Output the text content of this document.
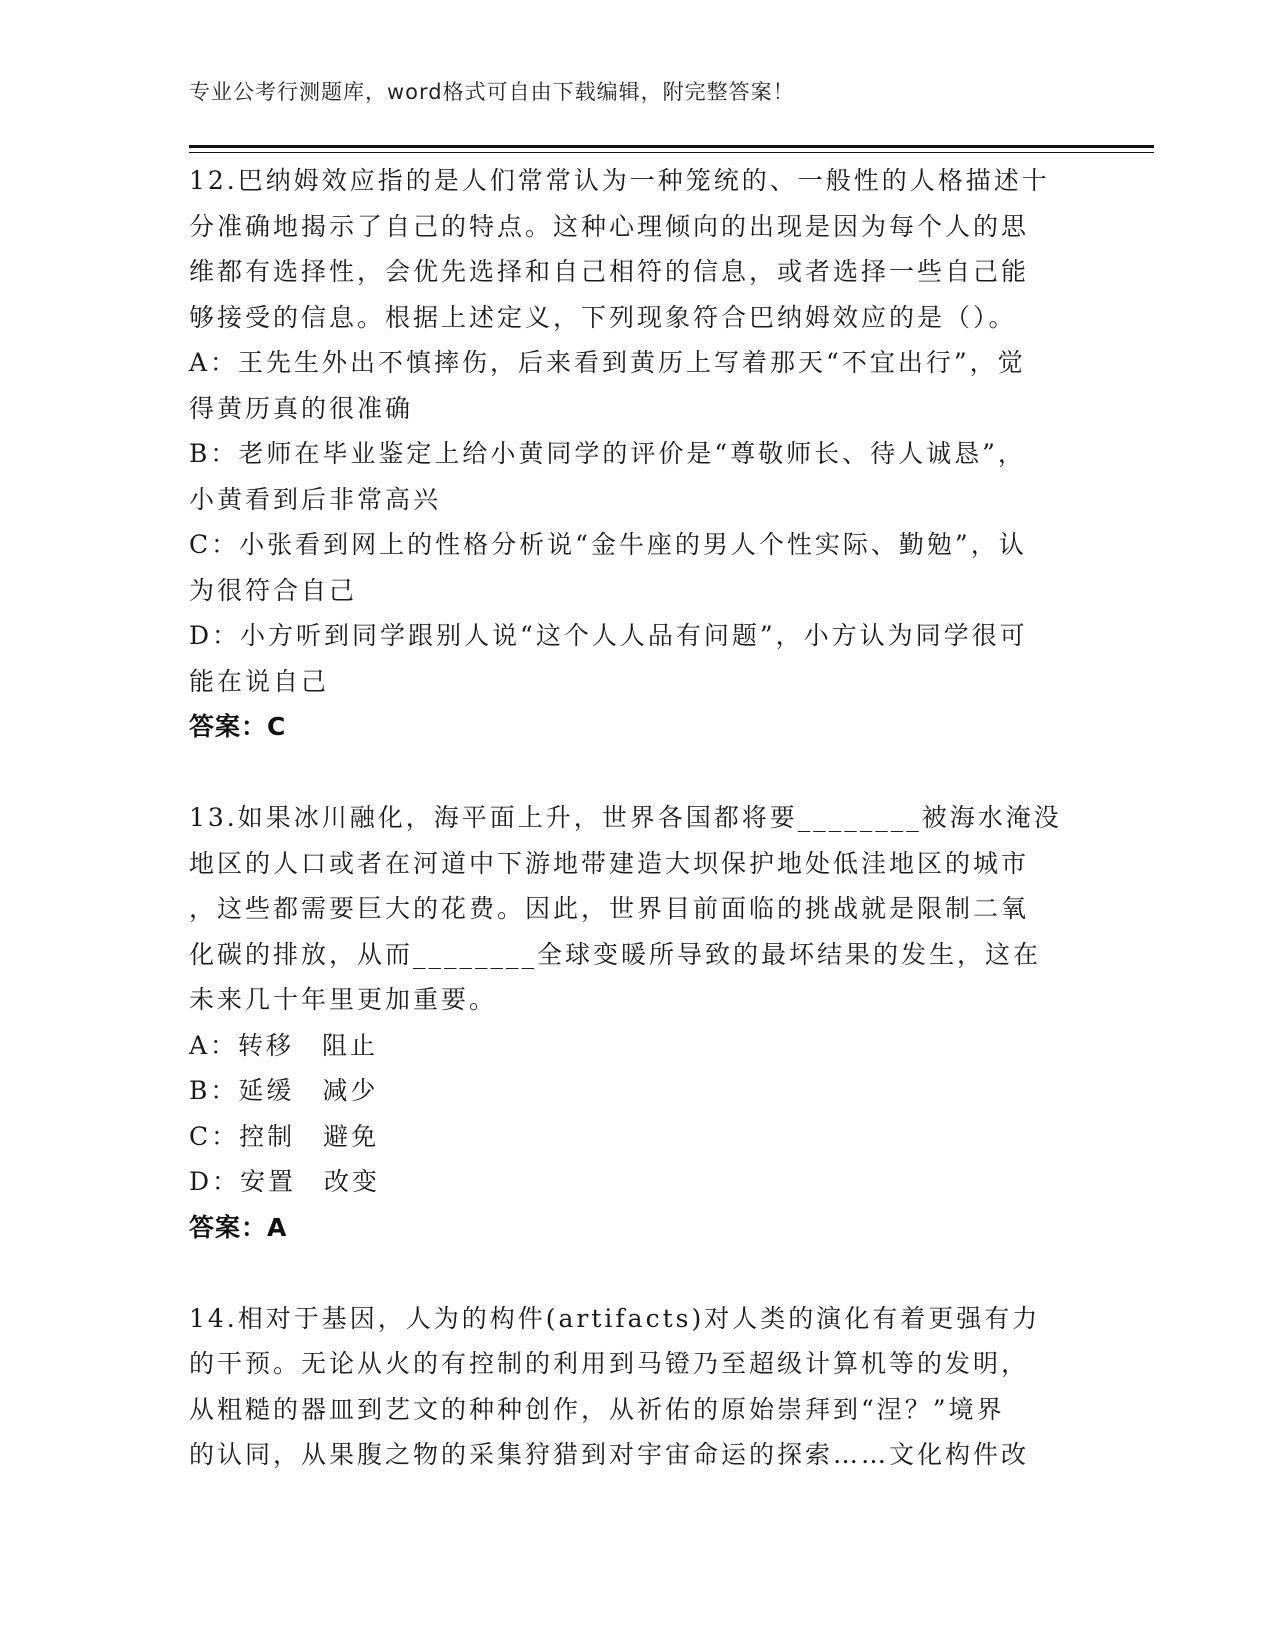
专业公考行测题库，word格式可自由下载编辑，附完整答案！
12.巴纳姆效应指的是人们常常认为一种笼统的、一般性的人格描述十
分准确地揭示了自己的特点。这种心理倾向的出现是因为每个人的思
维都有选择性，会优先选择和自己相符的信息，或者选择一些自己能
够接受的信息。根据上述定义，下列现象符合巴纳姆效应的是（）。
A：王先生外出不慎摔伤，后来看到黄历上写着那天“不宜出行”，觉
得黄历真的很准确
B：老师在毕业鉴定上给小黄同学的评价是“尊敬师长、待人诚恳”，
小黄看到后非常高兴
C：小张看到网上的性格分析说“金牛座的男人个性实际、勤勉”，认
为很符合自己
D：小方听到同学跟别人说“这个人人品有问题”，小方认为同学很可
能在说自己
答案：C
13.如果冰川融化，海平面上升，世界各国都将要________被海水淹没
地区的人口或者在河道中下游地带建造大坝保护地处低洼地区的城市
，这些都需要巨大的花费。因此，世界目前面临的挑战就是限制二氧
化碳的排放，从而________全球变暖所导致的最坏结果的发生，这在
未来几十年里更加重要。
A：转移　阻止
B：延缓　减少
C：控制　避免
D：安置　改变
答案：A
14.相对于基因，人为的构件(artifacts)对人类的演化有着更强有力
的干预。无论从火的有控制的利用到马镫乃至超级计算机等的发明，
从粗糙的器皿到艺文的种种创作，从祈佑的原始崇拜到“涅？”境界
的认同，从果腹之物的采集狩猎到对宇宙命运的探索……文化构件改
